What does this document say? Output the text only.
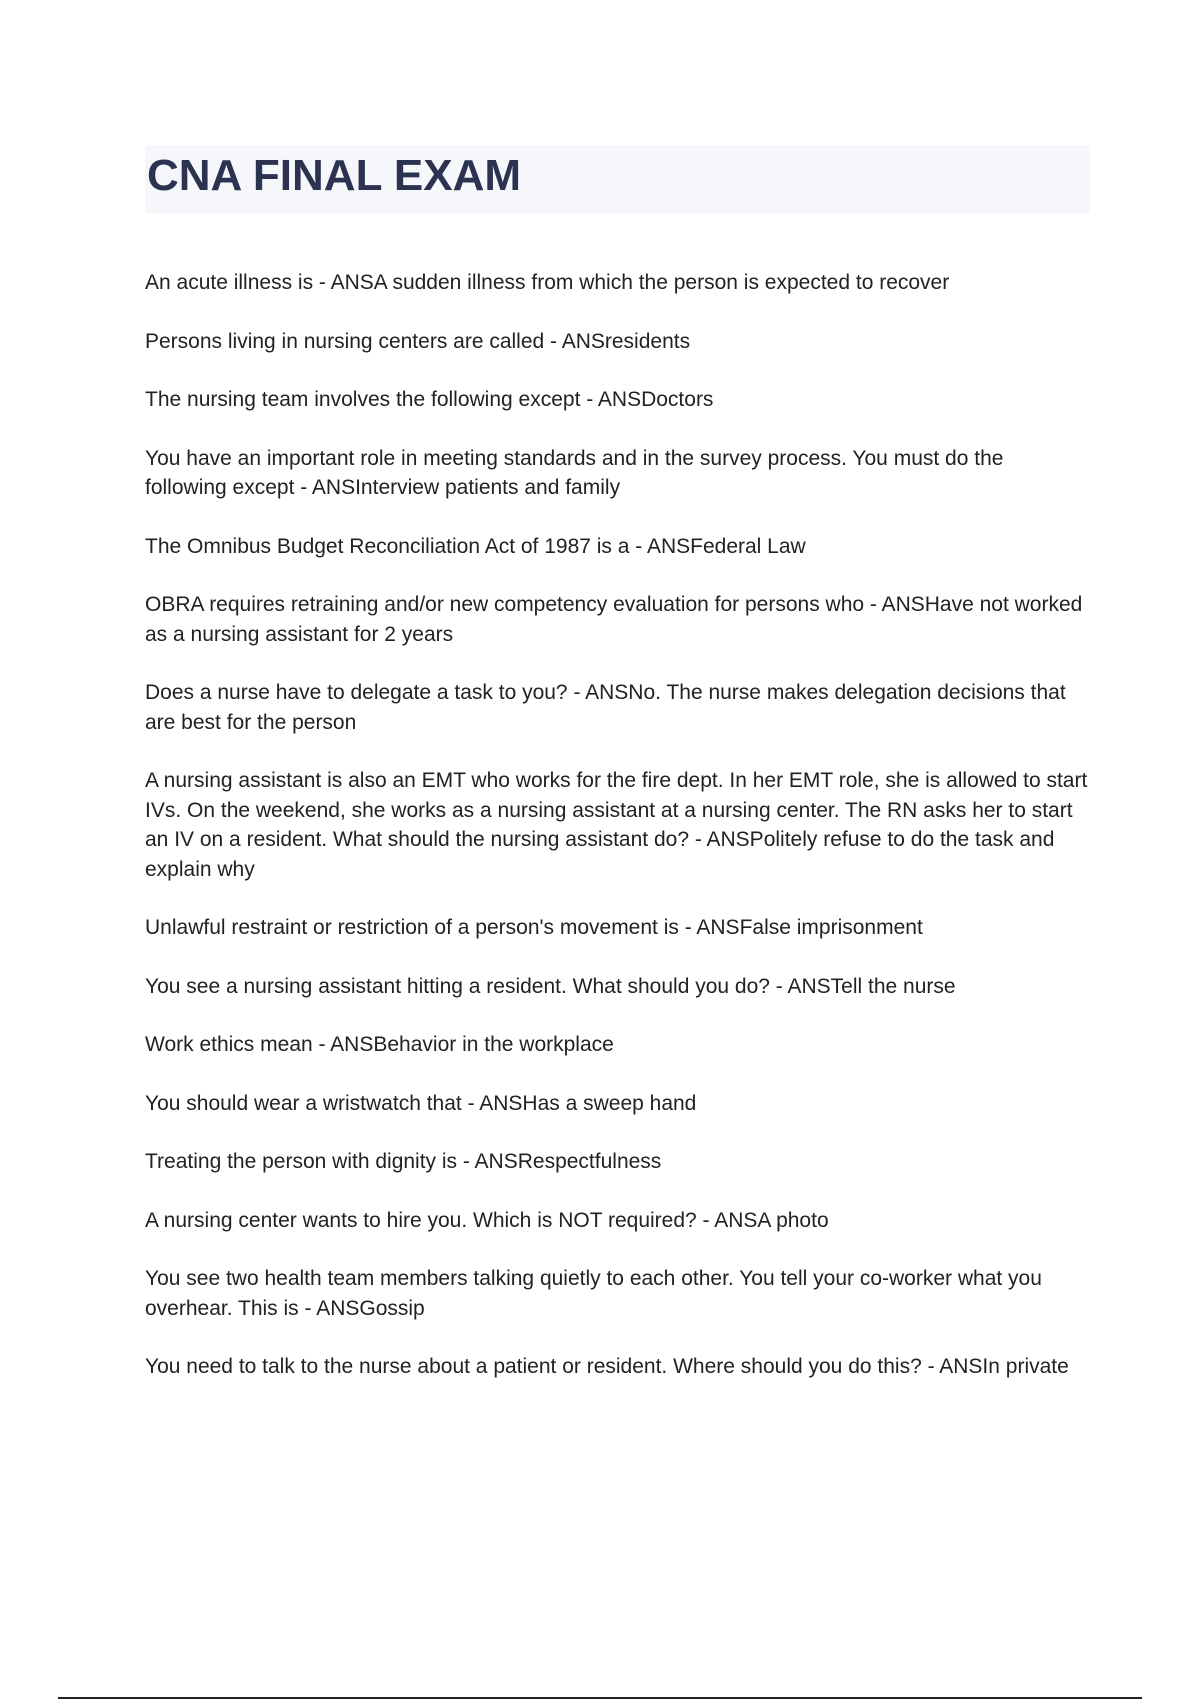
CNA FINAL EXAM
An acute illness is - ANSA sudden illness from which the person is expected to recover
Persons living in nursing centers are called - ANSresidents
The nursing team involves the following except - ANSDoctors
You have an important role in meeting standards and in the survey process. You must do the following except - ANSInterview patients and family
The Omnibus Budget Reconciliation Act of 1987 is a - ANSFederal Law
OBRA requires retraining and/or new competency evaluation for persons who - ANSHave not worked as a nursing assistant for 2 years
Does a nurse have to delegate a task to you? - ANSNo. The nurse makes delegation decisions that are best for the person
A nursing assistant is also an EMT who works for the fire dept. In her EMT role, she is allowed to start IVs. On the weekend, she works as a nursing assistant at a nursing center. The RN asks her to start an IV on a resident. What should the nursing assistant do? - ANSPolitely refuse to do the task and explain why
Unlawful restraint or restriction of a person's movement is - ANSFalse imprisonment
You see a nursing assistant hitting a resident. What should you do? - ANSTell the nurse
Work ethics mean - ANSBehavior in the workplace
You should wear a wristwatch that - ANSHas a sweep hand
Treating the person with dignity is - ANSRespectfulness
A nursing center wants to hire you. Which is NOT required? - ANSA photo
You see two health team members talking quietly to each other. You tell your co-worker what you overhear. This is - ANSGossip
You need to talk to the nurse about a patient or resident. Where should you do this? - ANSIn private
